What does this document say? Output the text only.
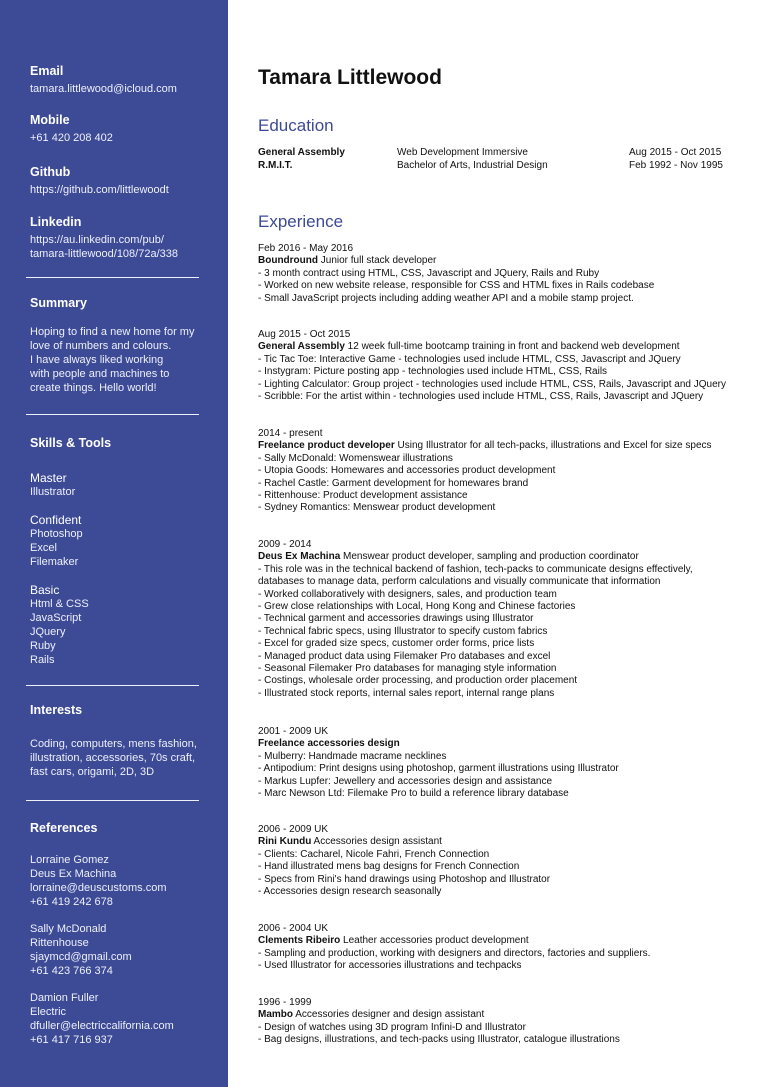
Email
tamara.littlewood@icloud.com
Mobile
+61 420 208 402
Github
https://github.com/littlewoodt
Linkedin
https://au.linkedin.com/pub/
tamara-littlewood/108/72a/338
Summary
Hoping to find a new home for my
love of numbers and colours.
I have always liked working
with people and machines to
create things. Hello world!
Skills & Tools
Master
Illustrator
Confident
Photoshop
Excel
Filemaker
Basic
Html & CSS
JavaScript
JQuery
Ruby
Rails
Interests
Coding, computers, mens fashion,
illustration, accessories, 70s craft,
fast cars, origami, 2D, 3D
References
Lorraine Gomez
Deus Ex Machina
lorraine@deuscustoms.com
+61 419 242 678
Sally McDonald
Rittenhouse
sjaymcd@gmail.com
+61 423 766 374
Damion Fuller
Electric
dfuller@electriccalifornia.com
+61 417 716 937
Tamara Littlewood
Education
General Assembly	Web Development Immersive	Aug 2015 - Oct 2015
R.M.I.T.	Bachelor of Arts, Industrial Design	Feb 1992 - Nov 1995
Experience
Feb 2016 - May 2016
Boundround Junior full stack developer
- 3 month contract using HTML, CSS, Javascript and JQuery, Rails and Ruby
- Worked on new website release, responsible for CSS and HTML fixes in Rails codebase
- Small JavaScript projects including adding weather API and a mobile stamp project.
Aug 2015 - Oct 2015
General Assembly 12 week full-time bootcamp training in front and backend web development
- Tic Tac Toe: Interactive Game - technologies used include HTML, CSS, Javascript and JQuery
- Instygram: Picture posting app - technologies used include HTML, CSS, Rails
- Lighting Calculator: Group project - technologies used include HTML, CSS, Rails, Javascript and JQuery
- Scribble: For the artist within - technologies used include HTML, CSS, Rails, Javascript and JQuery
2014 - present
Freelance product developer Using Illustrator for all tech-packs, illustrations and Excel for size specs
- Sally McDonald: Womenswear illustrations
- Utopia Goods: Homewares and accessories product development
- Rachel Castle: Garment development for homewares brand
- Rittenhouse: Product development assistance
- Sydney Romantics: Menswear product development
2009 - 2014
Deus Ex Machina Menswear product developer, sampling and production coordinator
- This role was in the technical backend of fashion, tech-packs to communicate designs effectively,
databases to manage data, perform calculations and visually communicate that information
- Worked collaboratively with designers, sales, and production team
- Grew close relationships with Local, Hong Kong and Chinese factories
- Technical garment and accessories drawings using Illustrator
- Technical fabric specs, using Illustrator to specify custom fabrics
- Excel for graded size specs, customer order forms, price lists
- Managed product data using Filemaker Pro databases and excel
- Seasonal Filemaker Pro databases for managing style information
- Costings, wholesale order processing, and production order placement
- Illustrated stock reports, internal sales report, internal range plans
2001 - 2009 UK
Freelance accessories design
- Mulberry: Handmade macrame necklines
- Antipodium: Print designs using photoshop, garment illustrations using Illustrator
- Markus Lupfer: Jewellery and accessories design and assistance
- Marc Newson Ltd: Filemake Pro to build a reference library database
2006 - 2009 UK
Rini Kundu Accessories design assistant
- Clients: Cacharel, Nicole Fahri, French Connection
- Hand illustrated mens bag designs for French Connection
- Specs from Rini's hand drawings using Photoshop and Illustrator
- Accessories design research seasonally
2006 - 2004 UK
Clements Ribeiro Leather accessories product development
- Sampling and production, working with designers and directors, factories and suppliers.
- Used Illustrator for accessories illustrations and techpacks
1996 - 1999
Mambo Accessories designer and design assistant
- Design of watches using 3D program Infini-D and Illustrator
- Bag designs, illustrations, and tech-packs using Illustrator, catalogue illustrations
